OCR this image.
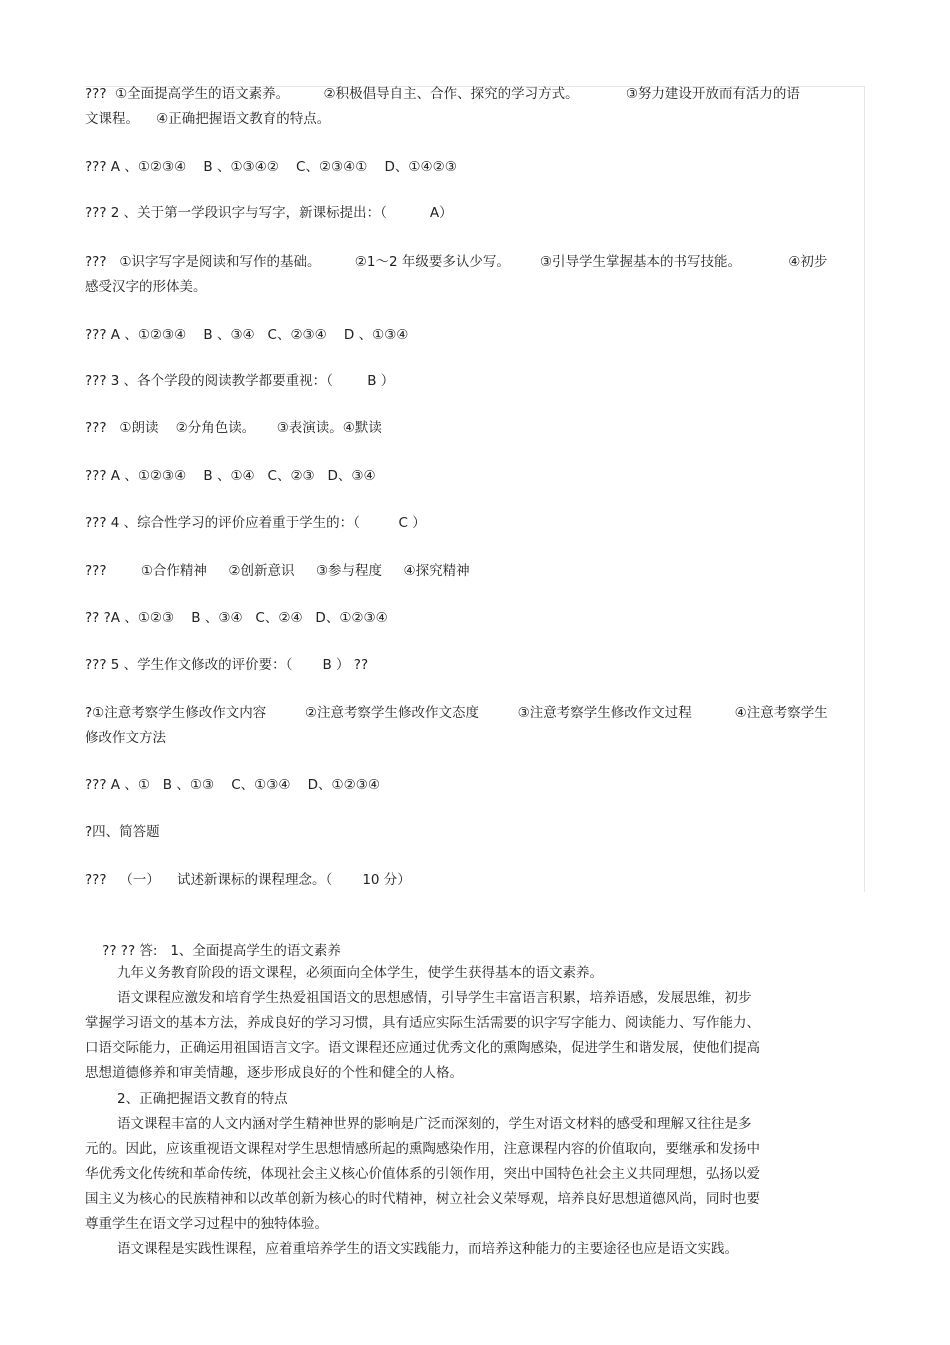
???  ①全面提高学生的语文素养。        ②积极倡导自主、合作、探究的学习方式。           ③努力建设开放而有活力的语
文课程。    ④正确把握语文教育的特点。
??? A 、①②③④    B 、①③④②    C、②③④①    D、①④②③
??? 2 、关于第一学段识字与写字，新课标提出：（          A）
???   ①识字写字是阅读和写作的基础。        ②1～2 年级要多认少写。       ③引导学生掌握基本的书写技能。           ④初步
感受汉字的形体美。
??? A 、①②③④    B 、③④   C、②③④    D 、①③④
??? 3 、各个学段的阅读教学都要重视：（        B ）
???   ①朗读    ②分角色读。     ③表演读。④默读
??? A 、①②③④    B 、①④   C、②③   D、③④
??? 4 、综合性学习的评价应着重于学生的：（         C ）
???        ①合作精神     ②创新意识     ③参与程度     ④探究精神
?? ?A 、①②③    B 、③④   C、②④   D、①②③④
??? 5 、学生作文修改的评价要：（       B ） ??
?①注意考察学生修改作文内容         ②注意考察学生修改作文态度         ③注意考察学生修改作文过程          ④注意考察学生
修改作文方法
??? A 、①   B 、①③    C、①③④    D、①②③④
?四、简答题
???   （一）    试述新课标的课程理念。（       10 分）

?? ?? 答:   1、全面提高学生的语文素养

九年义务教育阶段的语文课程，必须面向全体学生，使学生获得基本的语文素养。
语文课程应激发和培育学生热爱祖国语文的思想感情，引导学生丰富语言积累，培养语感，发展思维，初步掌握学习语文的基本方法，养成良好的学习习惯，具有适应实际生活需要的识字写字能力、阅读能力、写作能力、口语交际能力，正确运用祖国语言文字。语文课程还应通过优秀文化的熏陶感染，促进学生和谐发展，使他们提高思想道德修养和审美情趣，逐步形成良好的个性和健全的人格。
2、正确把握语文教育的特点
语文课程丰富的人文内涵对学生精神世界的影响是广泛而深刻的，学生对语文材料的感受和理解又往往是多元的。因此，应该重视语文课程对学生思想情感所起的熏陶感染作用，注意课程内容的价值取向，要继承和发扬中华优秀文化传统和革命传统，体现社会主义核心价值体系的引领作用，突出中国特色社会主义共同理想，弘扬以爱国主义为核心的民族精神和以改革创新为核心的时代精神，树立社会义荣辱观，培养良好思想道德风尚，同时也要尊重学生在语文学习过程中的独特体验。
语文课程是实践性课程，应着重培养学生的语文实践能力，而培养这种能力的主要途径也应是语文实践。
